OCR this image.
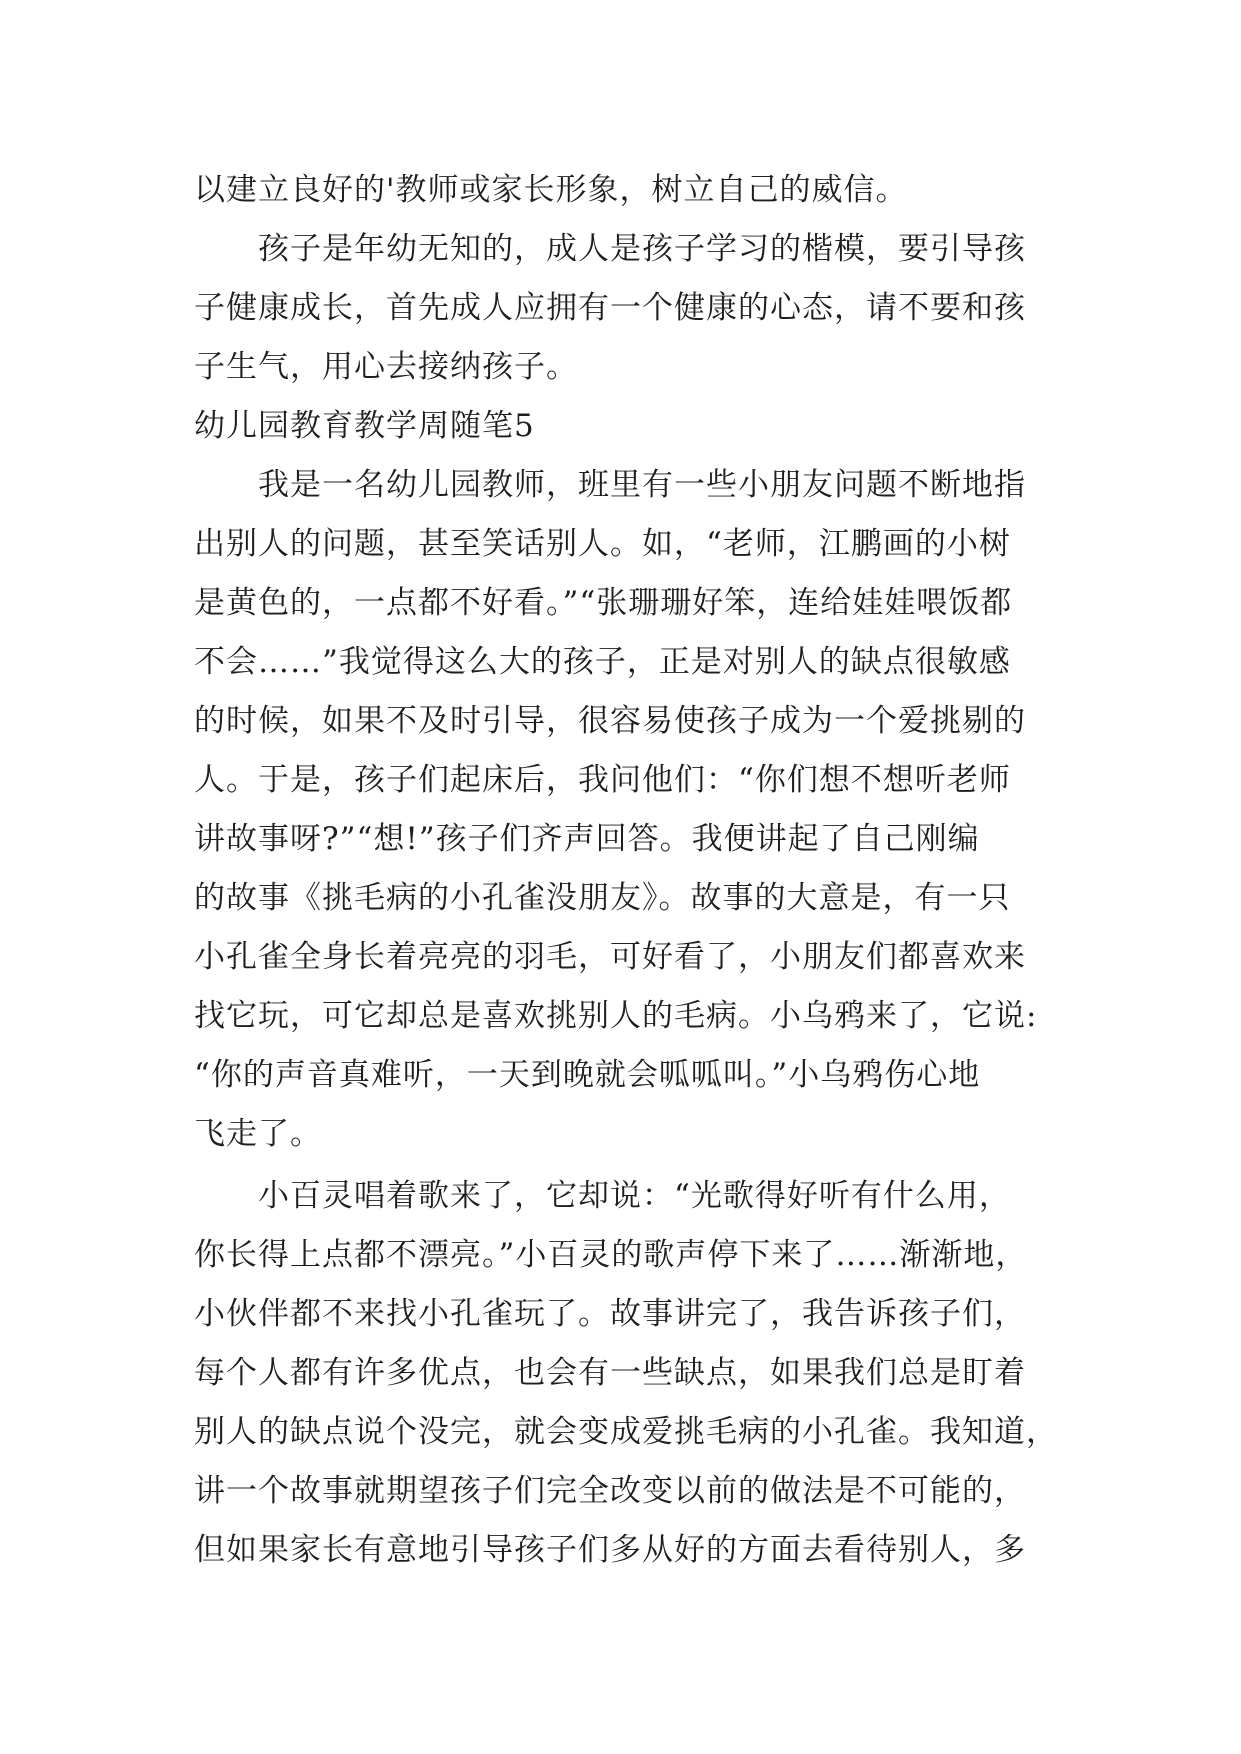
以建立良好的'教师或家长形象，树立自己的威信。
孩子是年幼无知的，成人是孩子学习的楷模，要引导孩
子健康成长，首先成人应拥有一个健康的心态，请不要和孩
子生气，用心去接纳孩子。
幼儿园教育教学周随笔5
我是一名幼儿园教师，班里有一些小朋友问题不断地指
出别人的问题，甚至笑话别人。如，“老师，江鹏画的小树
是黄色的，一点都不好看。”“张珊珊好笨，连给娃娃喂饭都
不会……”我觉得这么大的孩子，正是对别人的缺点很敏感
的时候，如果不及时引导，很容易使孩子成为一个爱挑剔的
人。于是，孩子们起床后，我问他们：“你们想不想听老师
讲故事呀?”“想!”孩子们齐声回答。我便讲起了自己刚编
的故事《挑毛病的小孔雀没朋友》。故事的大意是，有一只
小孔雀全身长着亮亮的羽毛，可好看了，小朋友们都喜欢来
找它玩，可它却总是喜欢挑别人的毛病。小乌鸦来了，它说:
“你的声音真难听，一天到晚就会呱呱叫。”小乌鸦伤心地
飞走了。
小百灵唱着歌来了，它却说：“光歌得好听有什么用，
你长得上点都不漂亮。”小百灵的歌声停下来了……渐渐地，
小伙伴都不来找小孔雀玩了。故事讲完了，我告诉孩子们，
每个人都有许多优点，也会有一些缺点，如果我们总是盯着
别人的缺点说个没完，就会变成爱挑毛病的小孔雀。我知道，
讲一个故事就期望孩子们完全改变以前的做法是不可能的，
但如果家长有意地引导孩子们多从好的方面去看待别人，多
